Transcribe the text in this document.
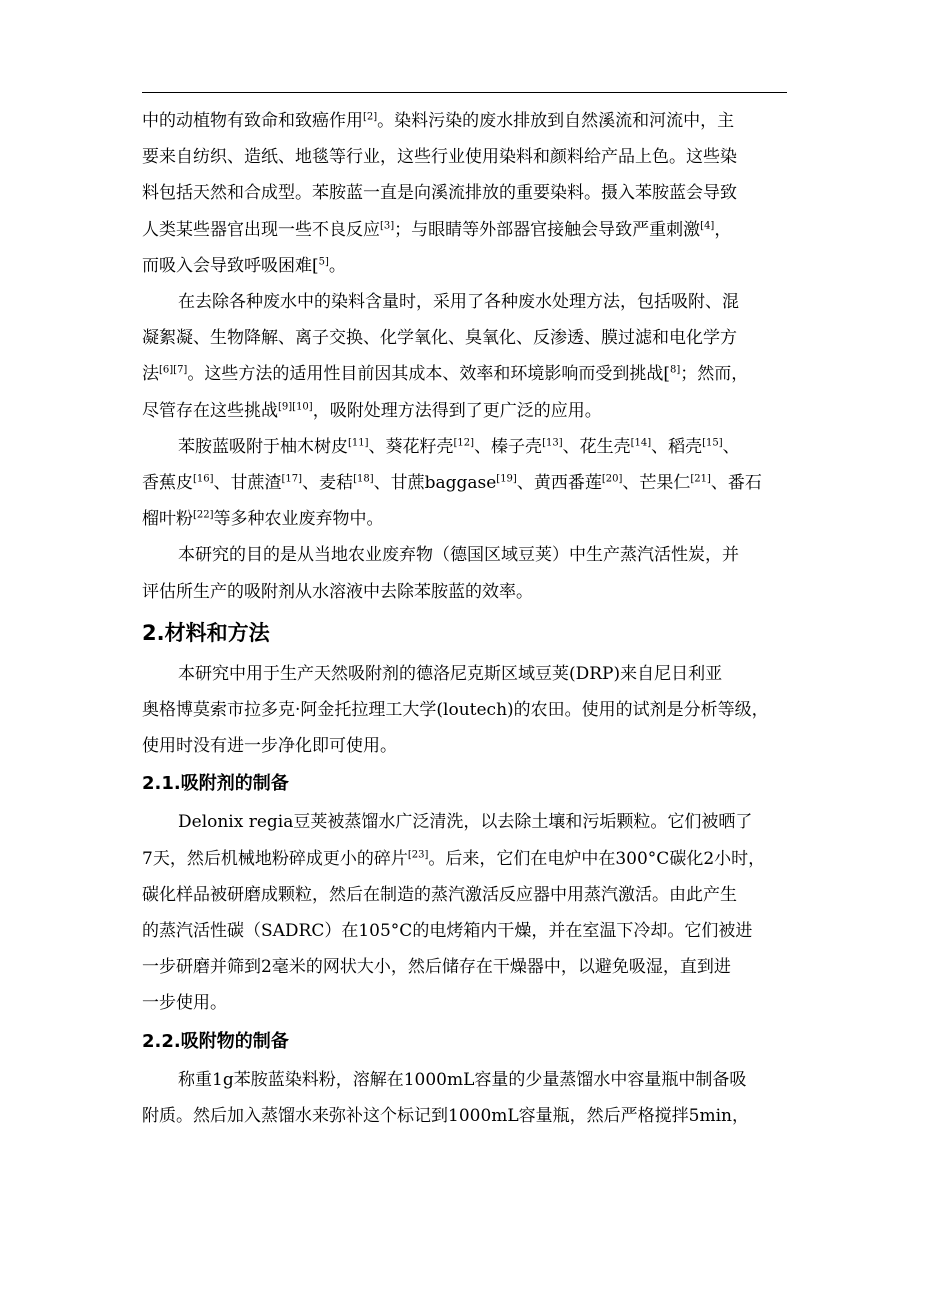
中的动植物有致命和致癌作用[2]。染料污染的废水排放到自然溪流和河流中，主
要来自纺织、造纸、地毯等行业，这些行业使用染料和颜料给产品上色。这些染
料包括天然和合成型。苯胺蓝一直是向溪流排放的重要染料。摄入苯胺蓝会导致
人类某些器官出现一些不良反应[3]；与眼睛等外部器官接触会导致严重刺激[4]，
而吸入会导致呼吸困难[$^{5]}$。

在去除各种废水中的染料含量时，采用了各种废水处理方法，包括吸附、混
凝絮凝、生物降解、离子交换、化学氧化、臭氧化、反渗透、膜过滤和电化学方
法[6][7]。这些方法的适用性目前因其成本、效率和环境影响而受到挑战[$^{8]}$；然而，
尽管存在这些挑战[9][10]，吸附处理方法得到了更广泛的应用。

苯胺蓝吸附于柚木树皮[11]、葵花籽壳[12]、榛子壳[13]、花生壳[14]、稻壳[15]、
香蕉皮[16]、甘蔗渣[17]、麦秸[18]、甘蔗baggase[19]、黄西番莲[20]、芒果仁[21]、番石
榴叶粉[22]等多种农业废弃物中。

本研究的目的是从当地农业废弃物（德国区域豆荚）中生产蒸汽活性炭，并
评估所生产的吸附剂从水溶液中去除苯胺蓝的效率。

2.材料和方法

本研究中用于生产天然吸附剂的德洛尼克斯区域豆荚(DRP)来自尼日利亚
奥格博莫索市拉多克·阿金托拉理工大学(loutech)的农田。使用的试剂是分析等级，
使用时没有进一步净化即可使用。

2.1.吸附剂的制备

Delonix regia豆荚被蒸馏水广泛清洗，以去除土壤和污垢颗粒。它们被晒了
7天，然后机械地粉碎成更小的碎片[23]。后来，它们在电炉中在300°C碳化2小时，
碳化样品被研磨成颗粒，然后在制造的蒸汽激活反应器中用蒸汽激活。由此产生
的蒸汽活性碳（SADRC）在105°C的电烤箱内干燥，并在室温下冷却。它们被进
一步研磨并筛到2毫米的网状大小，然后储存在干燥器中，以避免吸湿，直到进
一步使用。

2.2.吸附物的制备

称重1g苯胺蓝染料粉，溶解在1000mL容量的少量蒸馏水中容量瓶中制备吸
附质。然后加入蒸馏水来弥补这个标记到1000mL容量瓶，然后严格搅拌5min，
